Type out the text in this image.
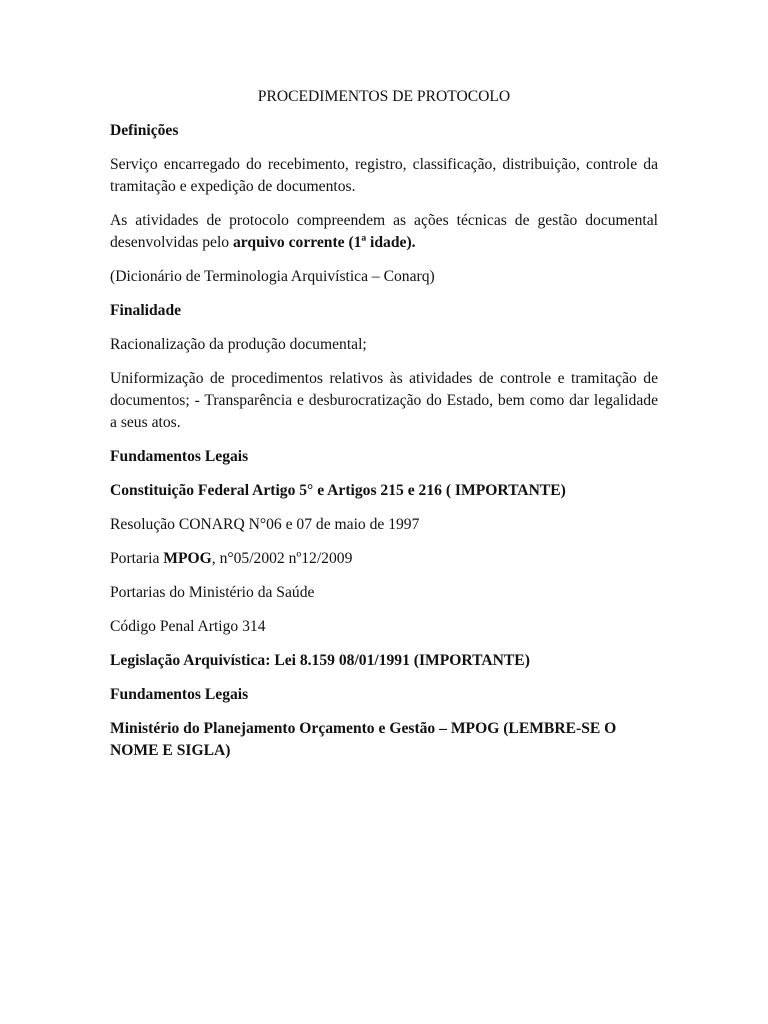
PROCEDIMENTOS DE PROTOCOLO

Definições

Serviço encarregado do recebimento, registro, classificação, distribuição, controle da tramitação e expedição de documentos.

As atividades de protocolo compreendem as ações técnicas de gestão documental desenvolvidas pelo arquivo corrente (1ª idade).

(Dicionário de Terminologia Arquivística – Conarq)

Finalidade

Racionalização da produção documental;

Uniformização de procedimentos relativos às atividades de controle e tramitação de documentos; - Transparência e desburocratização do Estado, bem como dar legalidade a seus atos.

Fundamentos Legais

Constituição Federal Artigo 5° e Artigos 215 e 216 ( IMPORTANTE)

Resolução CONARQ N°06 e 07 de maio de 1997

Portaria MPOG, n°05/2002 nº12/2009

Portarias do Ministério da Saúde

Código Penal Artigo 314

Legislação Arquivística: Lei 8.159 08/01/1991 (IMPORTANTE)

Fundamentos Legais

Ministério do Planejamento Orçamento e Gestão – MPOG (LEMBRE-SE O NOME E SIGLA)
